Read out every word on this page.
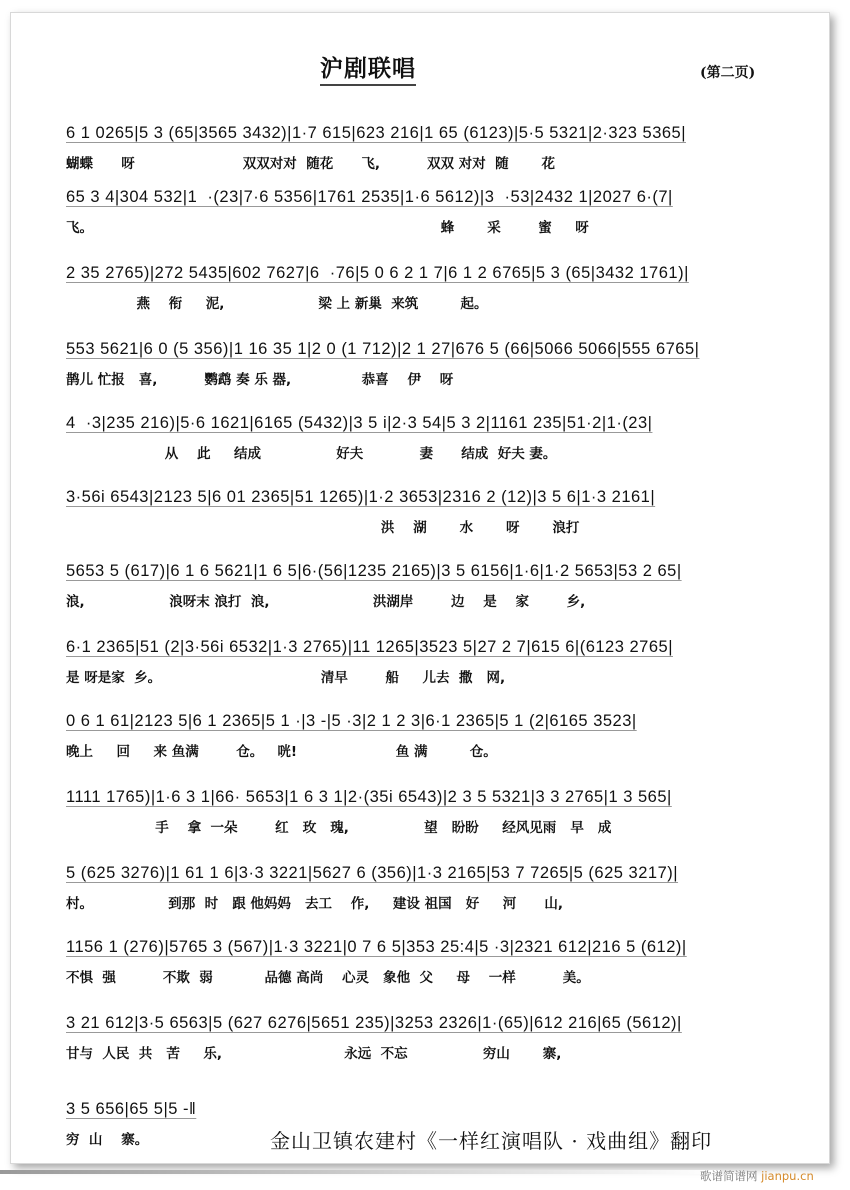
沪剧联唱	(第二页)
6 1 0265|5 3 (65|3565 3432)|1·7 615|623 216|1 65 (6123)|5·5 5321|2·323 5365|
蝴蝶      呀                       双双对对  随花      飞,          双双 对对  随       花
65 3 4|304 532|1  ·(23|7·6 5356|1761 2535|1·6 5612)|3  ·53|2432 1|2027 6·(7|
飞。                                                                          蜂       采        蜜     呀
2 35 2765)|272 5435|602 7627|6  ·76|5 0 6 2 1 7|6 1 2 6765|5 3 (65|3432 1761)|
燕    衔     泥,                    梁 上 新巢  来筑         起。
553 5621|6 0 (5 356)|1 16 35 1|2 0 (1 712)|2 1 27|676 5 (66|5066 5066|555 6765|
鹊儿 忙报   喜,          鹦鹉 奏 乐 器,               恭喜    伊    呀
4  ·3|235 216)|5·6 1621|6165 (5432)|3 5 i|2·3 54|5 3 2|1161 235|51·2|1·(23|
从    此     结成                好夫            妻      结成  好夫 妻。
3·56i 6543|2123 5|6 01 2365|51 1265)|1·2 3653|2316 2 (12)|3 5 6|1·3 2161|
洪    湖       水       呀       浪打
5653 5 (617)|6 1 6 5621|1 6 5|6·(56|1235 2165)|3 5 6156|1·6|1·2 5653|53 2 65|
浪,                  浪呀末 浪打  浪,                      洪湖岸        边    是    家        乡,
6·1 2365|51 (2|3·56i 6532|1·3 2765)|11 1265|3523 5|27 2 7|615 6|(6123 2765|
是 呀是家  乡。                                  清早        船     儿去  撒   网,
0 6 1 61|2123 5|6 1 2365|5 1 ·|3 -|5 ·3|2 1 2 3|6·1 2365|5 1 (2|6165 3523|
晚上     回     来 鱼满        仓。   咣!                     鱼 满         仓。
1111 1765)|1·6 3 1|66· 5653|1 6 3 1|2·(35i 6543)|2 3 5 5321|3 3 2765|1 3 565|
手    拿  一朵        红   玫   瑰,                望   盼盼     经风见雨   早   成
5 (625 3276)|1 61 1 6|3·3 3221|5627 6 (356)|1·3 2165|53 7 7265|5 (625 3217)|
村。                到那  时   跟 他妈妈   去工    作,     建设 祖国   好     河      山,
1156 1 (276)|5765 3 (567)|1·3 3221|0 7 6 5|353 25:4|5 ·3|2321 612|216 5 (612)|
不惧  强          不欺  弱           品德 高尚    心灵   象他  父     母    一样          美。
3 21 612|3·5 6563|5 (627 6276|5651 235)|3253 2326|1·(65)|612 216|65 (5612)|
甘与  人民  共   苦     乐,                          永远  不忘                穷山       寨,
3 5 656|65 5|5 -‖
穷  山    寨。	金山卫镇农建村《一样红演唱队 · 戏曲组》翻印
歌谱简谱网 jianpu.cn
